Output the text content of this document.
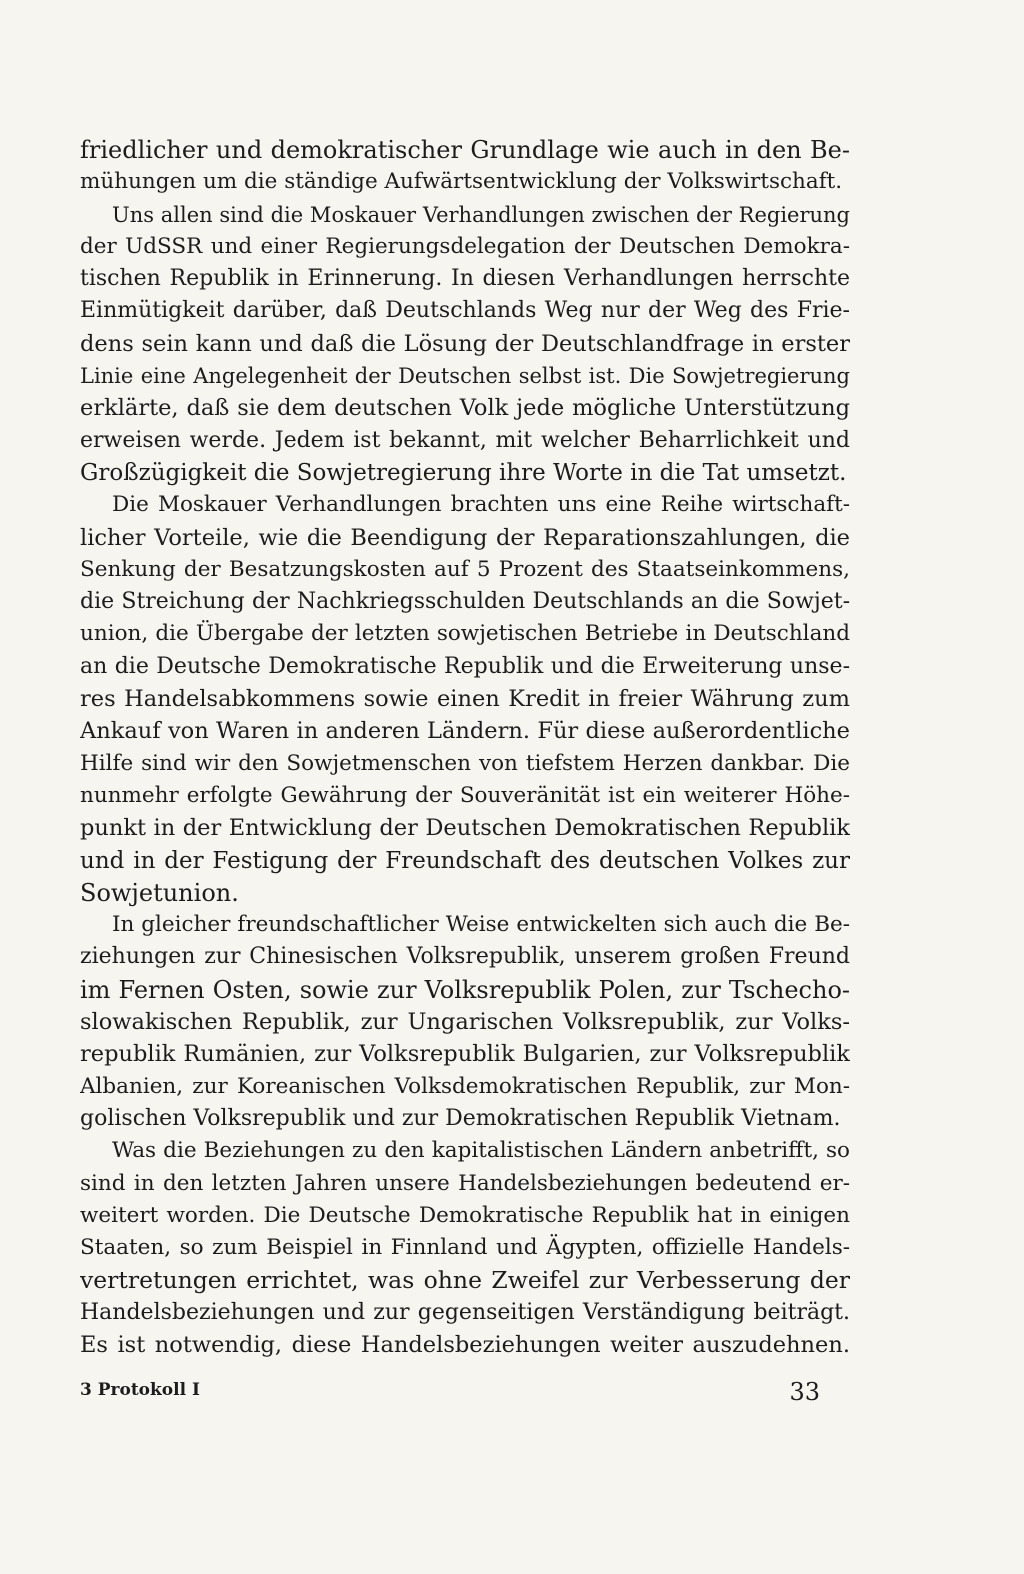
friedlicher und demokratischer Grundlage wie auch in den Be-
mühungen um die ständige Aufwärtsentwicklung der Volkswirtschaft.
Uns allen sind die Moskauer Verhandlungen zwischen der Regierung
der UdSSR und einer Regierungsdelegation der Deutschen Demokra-
tischen Republik in Erinnerung. In diesen Verhandlungen herrschte
Einmütigkeit darüber, daß Deutschlands Weg nur der Weg des Frie-
dens sein kann und daß die Lösung der Deutschlandfrage in erster
Linie eine Angelegenheit der Deutschen selbst ist. Die Sowjetregierung
erklärte, daß sie dem deutschen Volk jede mögliche Unterstützung
erweisen werde. Jedem ist bekannt, mit welcher Beharrlichkeit und
Großzügigkeit die Sowjetregierung ihre Worte in die Tat umsetzt.
Die Moskauer Verhandlungen brachten uns eine Reihe wirtschaft-
licher Vorteile, wie die Beendigung der Reparationszahlungen, die
Senkung der Besatzungskosten auf 5 Prozent des Staatseinkommens,
die Streichung der Nachkriegsschulden Deutschlands an die Sowjet-
union, die Übergabe der letzten sowjetischen Betriebe in Deutschland
an die Deutsche Demokratische Republik und die Erweiterung unse-
res Handelsabkommens sowie einen Kredit in freier Währung zum
Ankauf von Waren in anderen Ländern. Für diese außerordentliche
Hilfe sind wir den Sowjetmenschen von tiefstem Herzen dankbar. Die
nunmehr erfolgte Gewährung der Souveränität ist ein weiterer Höhe-
punkt in der Entwicklung der Deutschen Demokratischen Republik
und in der Festigung der Freundschaft des deutschen Volkes zur
Sowjetunion.
In gleicher freundschaftlicher Weise entwickelten sich auch die Be-
ziehungen zur Chinesischen Volksrepublik, unserem großen Freund
im Fernen Osten, sowie zur Volksrepublik Polen, zur Tschecho-
slowakischen Republik, zur Ungarischen Volksrepublik, zur Volks-
republik Rumänien, zur Volksrepublik Bulgarien, zur Volksrepublik
Albanien, zur Koreanischen Volksdemokratischen Republik, zur Mon-
golischen Volksrepublik und zur Demokratischen Republik Vietnam.
Was die Beziehungen zu den kapitalistischen Ländern anbetrifft, so
sind in den letzten Jahren unsere Handelsbeziehungen bedeutend er-
weitert worden. Die Deutsche Demokratische Republik hat in einigen
Staaten, so zum Beispiel in Finnland und Ägypten, offizielle Handels-
vertretungen errichtet, was ohne Zweifel zur Verbesserung der
Handelsbeziehungen und zur gegenseitigen Verständigung beiträgt.
Es ist notwendig, diese Handelsbeziehungen weiter auszudehnen.
3 Protokoll I	33
